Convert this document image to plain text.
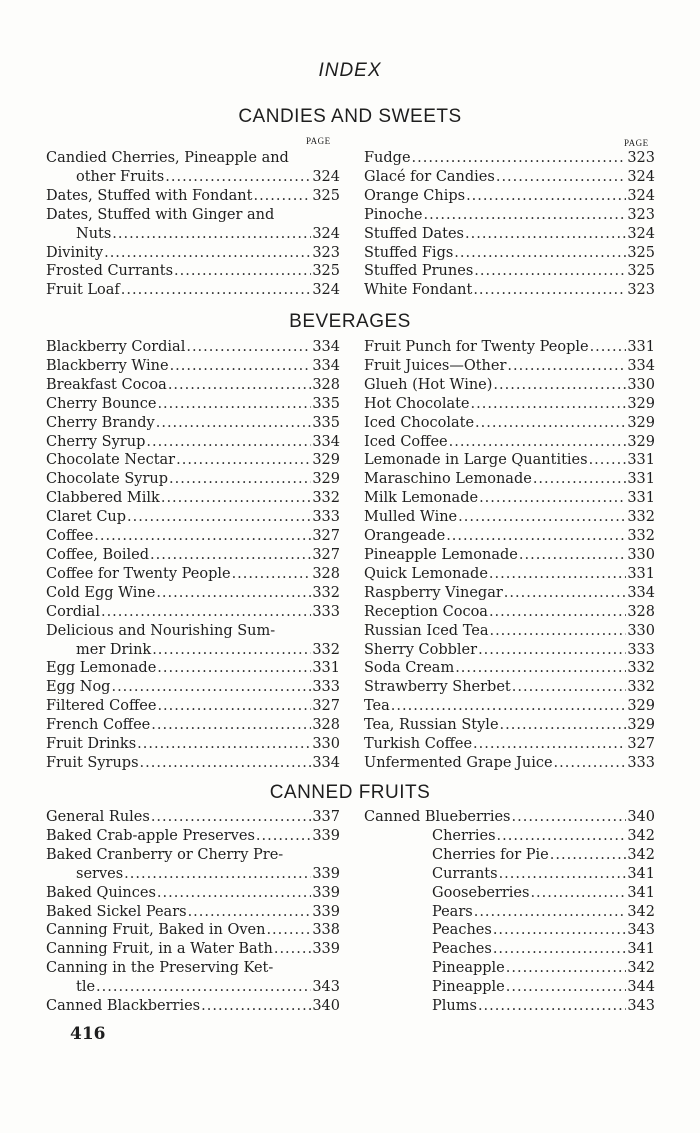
INDEX
CANDIES AND SWEETS
PAGE	PAGE
Candied Cherries, Pineapple and
other Fruits .....	324
Dates, Stuffed with Fondant .....	325
Dates, Stuffed with Ginger and
Nuts .....	324
Divinity .....	323
Frosted Currants .....	325
Fruit Loaf .....	324
Fudge .....	323
Glacé for Candies .....	324
Orange Chips .....	324
Pinoche .....	323
Stuffed Dates .....	324
Stuffed Figs .....	325
Stuffed Prunes .....	325
White Fondant .....	323
BEVERAGES
Blackberry Cordial .....	334
Blackberry Wine .....	334
Breakfast Cocoa .....	328
Cherry Bounce .....	335
Cherry Brandy .....	335
Cherry Syrup .....	334
Chocolate Nectar .....	329
Chocolate Syrup .....	329
Clabbered Milk .....	332
Claret Cup .....	333
Coffee .....	327
Coffee, Boiled .....	327
Coffee for Twenty People .....	328
Cold Egg Wine .....	332
Cordial .....	333
Delicious and Nourishing Sum-
mer Drink .....	332
Egg Lemonade .....	331
Egg Nog .....	333
Filtered Coffee .....	327
French Coffee .....	328
Fruit Drinks .....	330
Fruit Syrups .....	334
Fruit Punch for Twenty People .....	331
Fruit Juices—Other .....	334
Glueh (Hot Wine) .....	330
Hot Chocolate .....	329
Iced Chocolate .....	329
Iced Coffee .....	329
Lemonade in Large Quantities .....	331
Maraschino Lemonade .....	331
Milk Lemonade .....	331
Mulled Wine .....	332
Orangeade .....	332
Pineapple Lemonade .....	330
Quick Lemonade .....	331
Raspberry Vinegar .....	334
Reception Cocoa .....	328
Russian Iced Tea .....	330
Sherry Cobbler .....	333
Soda Cream .....	332
Strawberry Sherbet .....	332
Tea .....	329
Tea, Russian Style .....	329
Turkish Coffee .....	327
Unfermented Grape Juice .....	333
CANNED FRUITS
General Rules .....	337
Baked Crab-apple Preserves .....	339
Baked Cranberry or Cherry Pre-
serves .....	339
Baked Quinces .....	339
Baked Sickel Pears .....	339
Canning Fruit, Baked in Oven .....	338
Canning Fruit, in a Water Bath .....	339
Canning in the Preserving Ket-
tle .....	343
Canned Blackberries .....	340
Canned Blueberries .....	340
Cherries .....	342
Cherries for Pie .....	342
Currants .....	341
Gooseberries .....	341
Pears .....	342
Peaches .....	343
Peaches .....	341
Pineapple .....	342
Pineapple .....	344
Plums .....	343
416
